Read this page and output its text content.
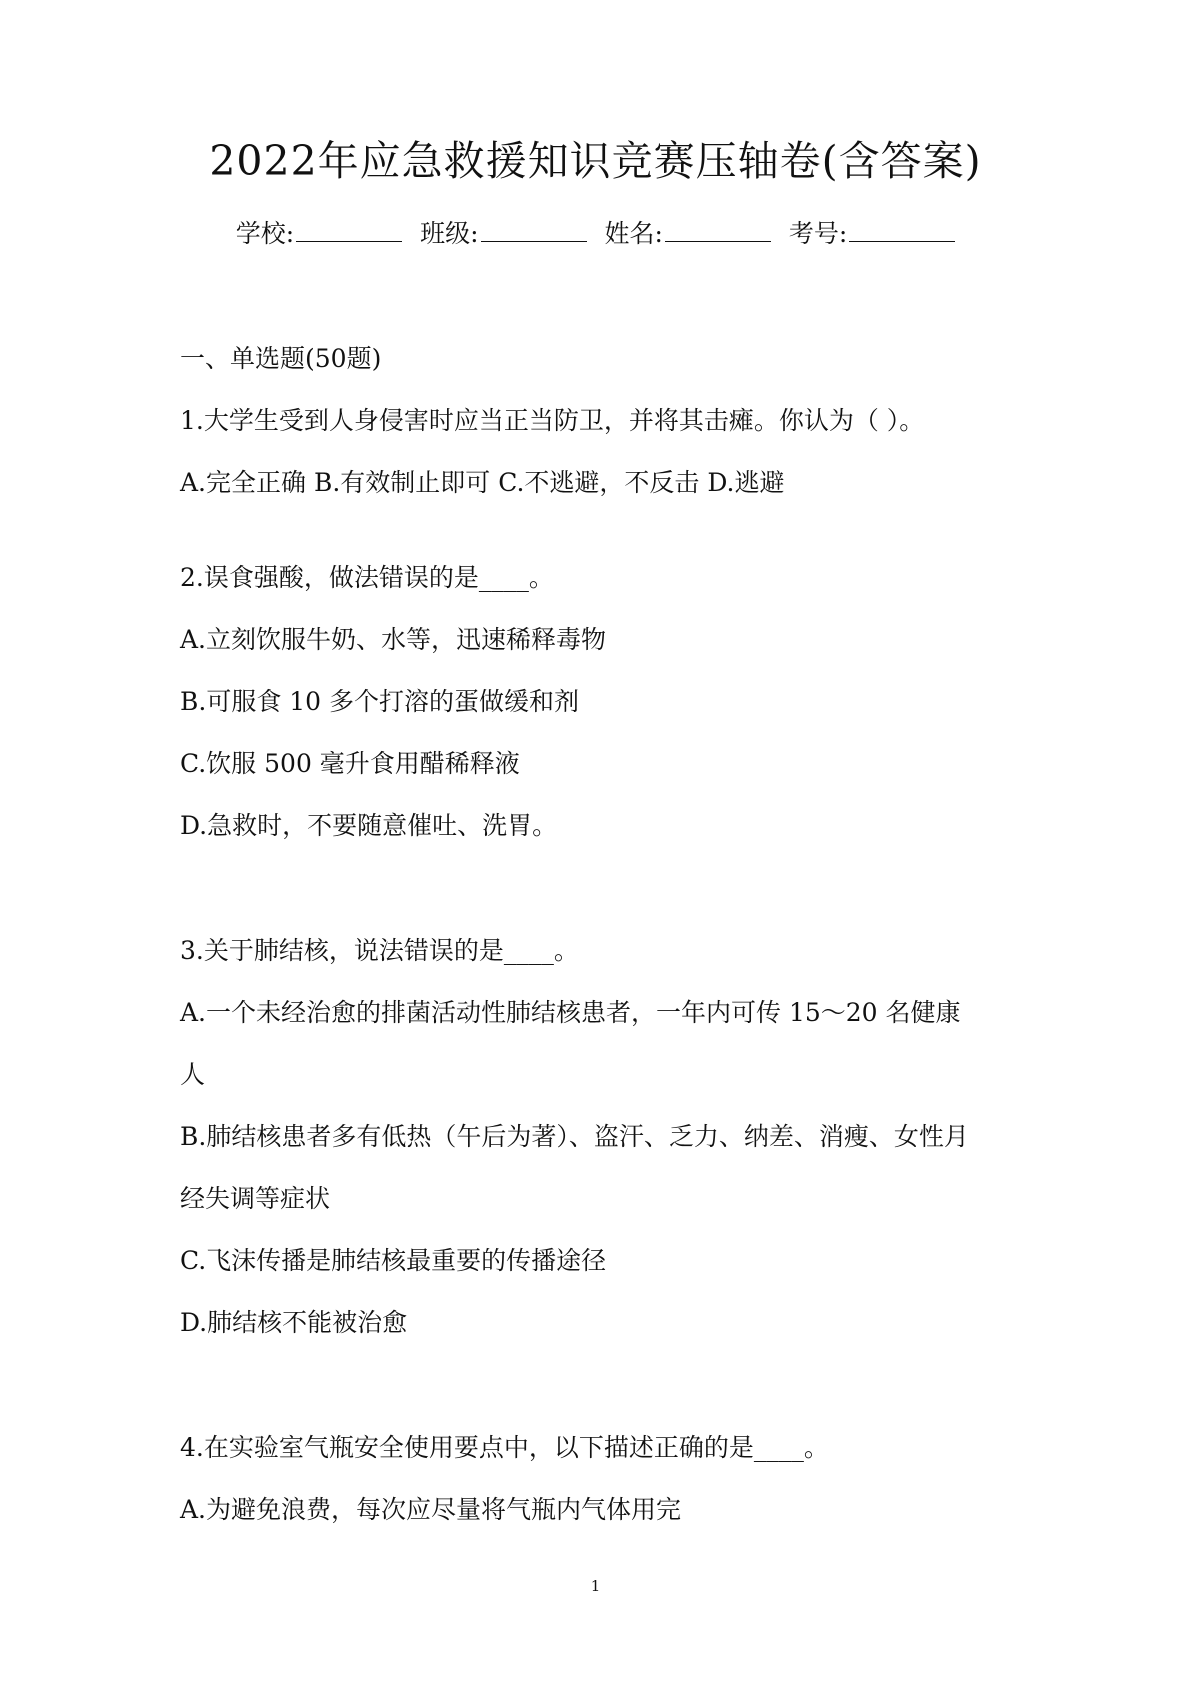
2022年应急救援知识竞赛压轴卷(含答案)
学校:	班级:	姓名:	考号:
一、单选题(50题)
1.大学生受到人身侵害时应当正当防卫，并将其击瘫。你认为（ ）。
A.完全正确 B.有效制止即可 C.不逃避，不反击 D.逃避
2.误食强酸，做法错误的是____。
A.立刻饮服牛奶、水等，迅速稀释毒物
B.可服食 10 多个打溶的蛋做缓和剂
C.饮服 500 毫升食用醋稀释液
D.急救时，不要随意催吐、洗胃。
3.关于肺结核，说法错误的是____。
A.一个未经治愈的排菌活动性肺结核患者，一年内可传 15～20 名健康
人
B.肺结核患者多有低热（午后为著）、盗汗、乏力、纳差、消瘦、女性月
经失调等症状
C.飞沫传播是肺结核最重要的传播途径
D.肺结核不能被治愈
4.在实验室气瓶安全使用要点中，以下描述正确的是____。
A.为避免浪费，每次应尽量将气瓶内气体用完
1
